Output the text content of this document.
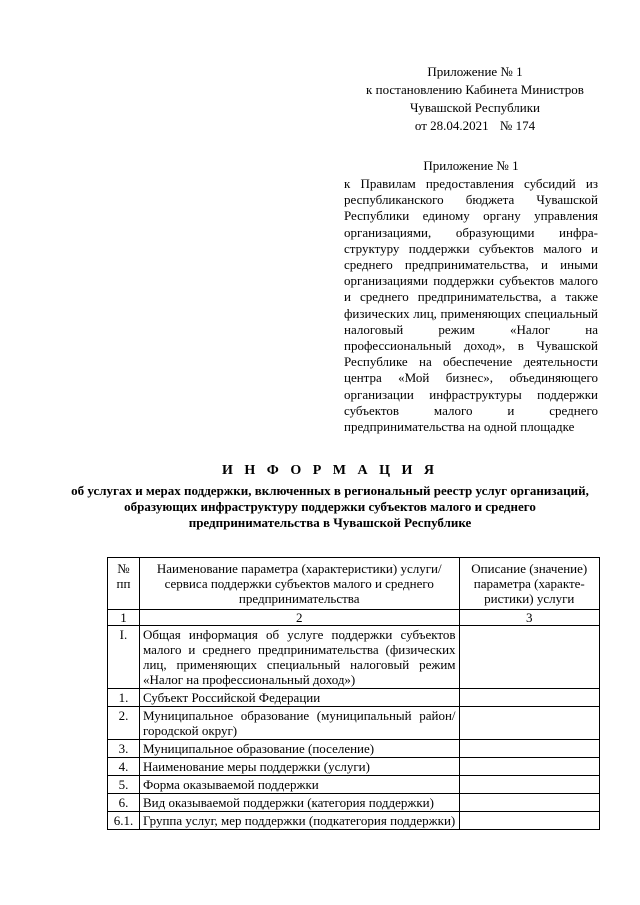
Приложение № 1
к постановлению Кабинета Министров
Чувашской Республики
от 28.04.2021 № 174
Приложение № 1
к Правилам предоставления субсидий из республиканского бюджета Чувашской Республики единому органу управления организациями, образующими инфраструктуру поддержки субъектов малого и среднего предпринимательства, и иными организациями поддержки субъектов малого и среднего предпринимательства, а также физических лиц, применяющих специальный налоговый режим «Налог на профессиональный доход», в Чувашской Республике на обеспечение деятельности центра «Мой бизнес», объединяющего организации инфраструктуры поддержки субъектов малого и среднего предпринимательства на одной площадке
И Н Ф О Р М А Ц И Я
об услугах и мерах поддержки, включенных в региональный реестр услуг организаций, образующих инфраструктуру поддержки субъектов малого и среднего предпринимательства в Чувашской Республике
№ пп	Наименование параметра (характеристики) услуги/сервиса поддержки субъектов малого и среднего предпринимательства	Описание (значение) параметра (характеристики) услуги
1	2	3
I.	Общая информация об услуге поддержки субъектов малого и среднего предпринимательства (физических лиц, применяющих специальный налоговый режим «Налог на профессиональный доход»)	
1.	Субъект Российской Федерации	
2.	Муниципальное образование (муниципальный район/городской округ)	
3.	Муниципальное образование (поселение)	
4.	Наименование меры поддержки (услуги)	
5.	Форма оказываемой поддержки	
6.	Вид оказываемой поддержки (категория поддержки)	
6.1.	Группа услуг, мер поддержки (подкатегория поддержки)	
